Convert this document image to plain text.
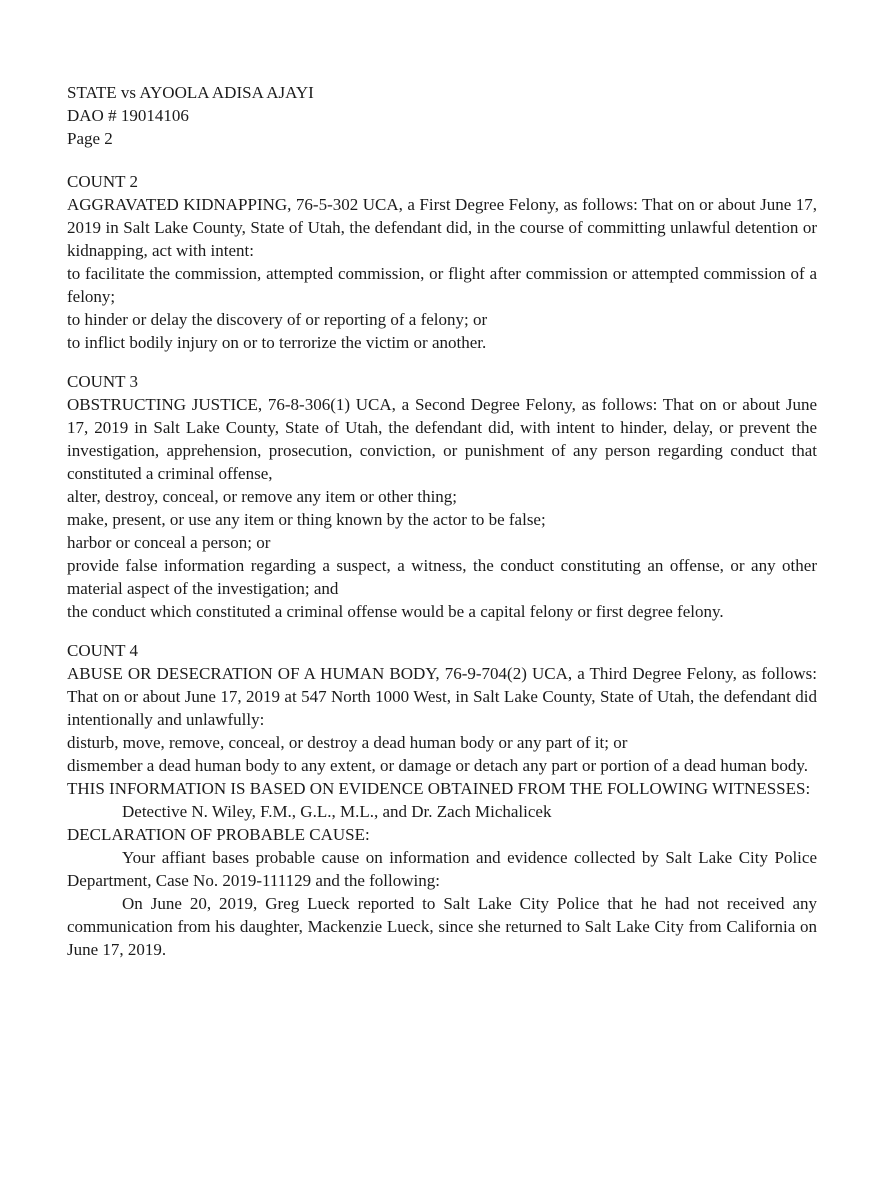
STATE vs AYOOLA ADISA AJAYI

DAO # 19014106

Page 2

COUNT 2

AGGRAVATED KIDNAPPING, 76-5-302 UCA, a First Degree Felony, as follows: That on or about June 17, 2019 in Salt Lake County, State of Utah, the defendant did, in the course of committing unlawful detention or kidnapping, act with intent:

to facilitate the commission, attempted commission, or flight after commission or attempted commission of a felony;

to hinder or delay the discovery of or reporting of a felony; or

to inflict bodily injury on or to terrorize the victim or another.

COUNT 3

OBSTRUCTING JUSTICE, 76-8-306(1) UCA, a Second Degree Felony, as follows: That on or about June 17, 2019 in Salt Lake County, State of Utah, the defendant did, with intent to hinder, delay, or prevent the investigation, apprehension, prosecution, conviction, or punishment of any person regarding conduct that constituted a criminal offense,

alter, destroy, conceal, or remove any item or other thing;

make, present, or use any item or thing known by the actor to be false;

harbor or conceal a person; or

provide false information regarding a suspect, a witness, the conduct constituting an offense, or any other material aspect of the investigation; and

the conduct which constituted a criminal offense would be a capital felony or first degree felony.

COUNT 4

ABUSE OR DESECRATION OF A HUMAN BODY, 76-9-704(2) UCA, a Third Degree Felony, as follows: That on or about June 17, 2019 at 547 North 1000 West, in Salt Lake County, State of Utah, the defendant did intentionally and unlawfully:

disturb, move, remove, conceal, or destroy a dead human body or any part of it; or

dismember a dead human body to any extent, or damage or detach any part or portion of a dead human body.

THIS INFORMATION IS BASED ON EVIDENCE OBTAINED FROM THE FOLLOWING WITNESSES:

Detective N. Wiley, F.M., G.L., M.L., and Dr. Zach Michalicek

DECLARATION OF PROBABLE CAUSE:

Your affiant bases probable cause on information and evidence collected by Salt Lake City Police Department, Case No. 2019-111129 and the following:

On June 20, 2019, Greg Lueck reported to Salt Lake City Police that he had not received any communication from his daughter, Mackenzie Lueck, since she returned to Salt Lake City from California on June 17, 2019.
